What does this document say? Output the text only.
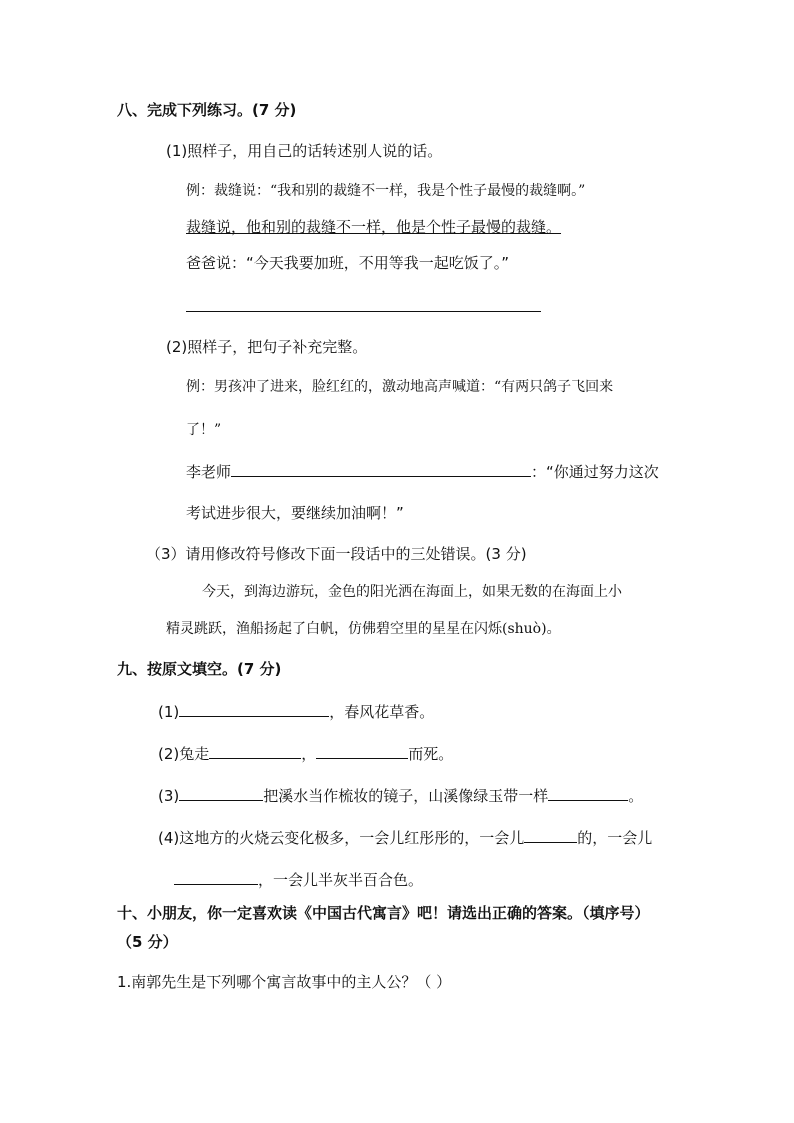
八、完成下列练习。(7 分)
(1)照样子，用自己的话转述别人说的话。
例：裁缝说：“我和别的裁缝不一样，我是个性子最慢的裁缝啊。”
裁缝说，他和别的裁缝不一样，他是个性子最慢的裁缝。
爸爸说：“今天我要加班，不用等我一起吃饭了。”
(2)照样子，把句子补充完整。
例：男孩冲了进来，脸红红的，激动地高声喊道：“有两只鸽子飞回来
了！”
李老师	：“你通过努力这次
考试进步很大，要继续加油啊！”
（3）请用修改符号修改下面一段话中的三处错误。(3 分)
今天，到海边游玩，金色的阳光洒在海面上，如果无数的在海面上小
精灵跳跃，渔船扬起了白帆，仿佛碧空里的星星在闪烁(shuò)。
九、按原文填空。(7 分)
(1)	，春风花草香。
(2)兔走	，	而死。
(3)	把溪水当作梳妆的镜子，山溪像绿玉带一样	。
(4)这地方的火烧云变化极多，一会儿红彤彤的，一会儿	的，一会儿
，一会儿半灰半百合色。
十、小朋友，你一定喜欢读《中国古代寓言》吧！请选出正确的答案。（填序号）
（5 分）
1.南郭先生是下列哪个寓言故事中的主人公？（ ）
